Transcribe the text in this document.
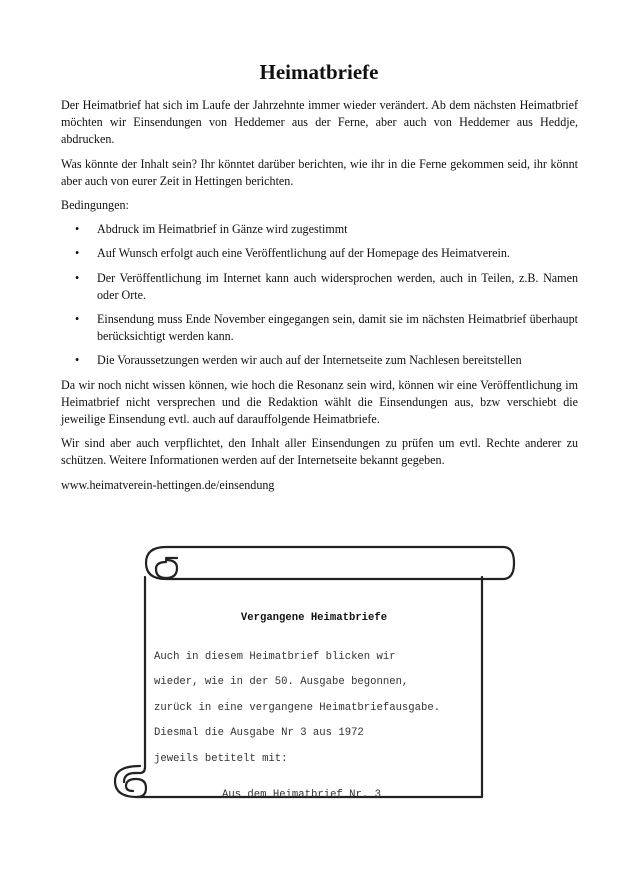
Heimatbriefe

Der Heimatbrief hat sich im Laufe der Jahrzehnte immer wieder verändert. Ab dem nächsten Heimatbrief möchten wir Einsendungen von Heddemer aus der Ferne, aber auch von Heddemer aus Heddje, abdrucken.

Was könnte der Inhalt sein? Ihr könntet darüber berichten, wie ihr in die Ferne gekommen seid, ihr könnt aber auch von eurer Zeit in Hettingen berichten.

Bedingungen:

• Abdruck im Heimatbrief in Gänze wird zugestimmt
• Auf Wunsch erfolgt auch eine Veröffentlichung auf der Homepage des Heimatverein.
• Der Veröffentlichung im Internet kann auch widersprochen werden, auch in Teilen, z.B. Namen oder Orte.
• Einsendung muss Ende November eingegangen sein, damit sie im nächsten Heimatbrief überhaupt berücksichtigt werden kann.
• Die Voraussetzungen werden wir auch auf der Internetseite zum Nachlesen bereitstellen

Da wir noch nicht wissen können, wie hoch die Resonanz sein wird, können wir eine Veröffentlichung im Heimatbrief nicht versprechen und die Redaktion wählt die Einsendungen aus, bzw verschiebt die jeweilige Einsendung evtl. auch auf darauffolgende Heimatbriefe.

Wir sind aber auch verpflichtet, den Inhalt aller Einsendungen zu prüfen um evtl. Rechte anderer zu schützen. Weitere Informationen werden auf der Internetseite bekannt gegeben.

www.heimatverein-hettingen.de/einsendung

Vergangene Heimatbriefe

Auch in diesem Heimatbrief blicken wir

wieder, wie in der 50. Ausgabe begonnen,

zurück in eine vergangene Heimatbriefausgabe.

Diesmal die Ausgabe Nr 3 aus 1972

jeweils betitelt mit:

Aus dem Heimatbrief Nr. 3
